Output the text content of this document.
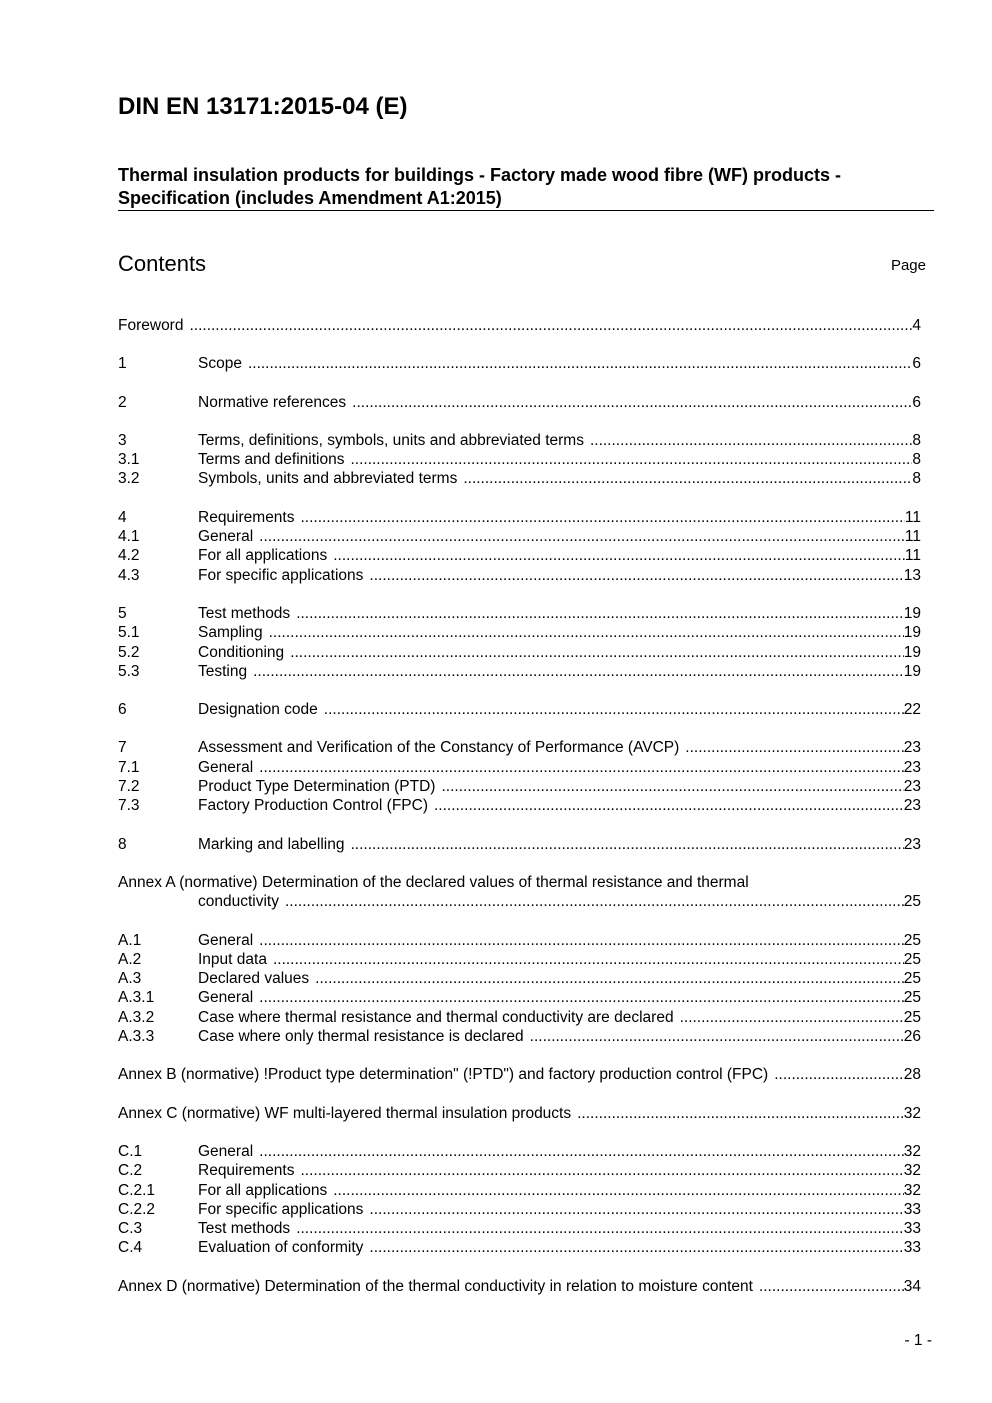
DIN EN 13171:2015-04 (E)
Thermal insulation products for buildings - Factory made wood fibre (WF) products -
Specification (includes Amendment A1:2015)
Contents	Page
Foreword .....	4
1	Scope .....	6
2	Normative references .....	6
3	Terms, definitions, symbols, units and abbreviated terms .....	8
3.1	Terms and definitions .....	8
3.2	Symbols, units and abbreviated terms .....	8
4	Requirements .....	11
4.1	General .....	11
4.2	For all applications .....	11
4.3	For specific applications .....	13
5	Test methods .....	19
5.1	Sampling .....	19
5.2	Conditioning .....	19
5.3	Testing .....	19
6	Designation code .....	22
7	Assessment and Verification of the Constancy of Performance (AVCP) .....	23
7.1	General .....	23
7.2	Product Type Determination (PTD) .....	23
7.3	Factory Production Control (FPC) .....	23
8	Marking and labelling .....	23
Annex A (normative) Determination of the declared values of thermal resistance and thermal
conductivity .....	25
A.1	General .....	25
A.2	Input data .....	25
A.3	Declared values .....	25
A.3.1	General .....	25
A.3.2	Case where thermal resistance and thermal conductivity are declared .....	25
A.3.3	Case where only thermal resistance is declared .....	26
Annex B (normative) !Product type determination" (!PTD") and factory production control (FPC) .....	28
Annex C (normative) WF multi-layered thermal insulation products .....	32
C.1	General .....	32
C.2	Requirements .....	32
C.2.1	For all applications .....	32
C.2.2	For specific applications .....	33
C.3	Test methods .....	33
C.4	Evaluation of conformity .....	33
Annex D (normative) Determination of the thermal conductivity in relation to moisture content .....	34
- 1 -
